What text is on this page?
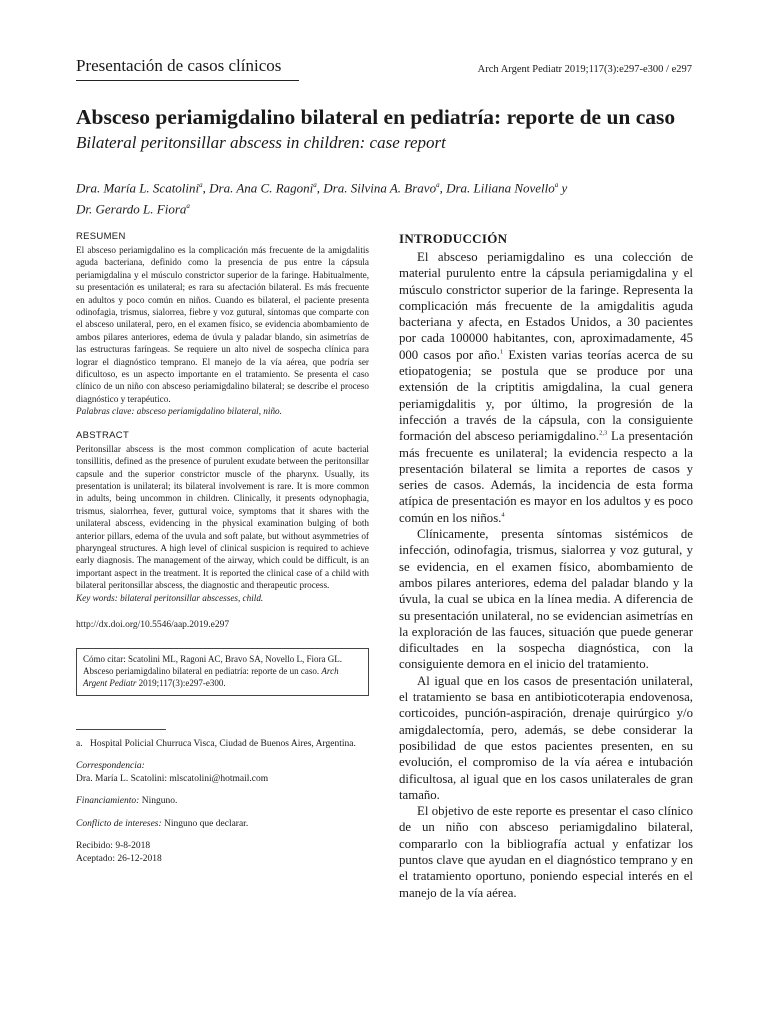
Presentación de casos clínicos	Arch Argent Pediatr 2019;117(3):e297-e300 / e297
Absceso periamigdalino bilateral en pediatría: reporte de un caso
Bilateral peritonsillar abscess in children: case report
Dra. María L. Scatolini$^a$, Dra. Ana C. Ragoni$^a$, Dra. Silvina A. Bravo$^a$, Dra. Liliana Novello$^a$ y
Dr. Gerardo L. Fiora$^a$

RESUMEN

El absceso periamigdalino es la complicación más frecuente de la amigdalitis aguda bacteriana, definido como la presencia de pus entre la cápsula periamigdalina y el músculo constrictor superior de la faringe. Habitualmente, su presentación es unilateral; es rara su afectación bilateral. Es más frecuente en adultos y poco común en niños. Cuando es bilateral, el paciente presenta odinofagia, trismus, sialorrea, fiebre y voz gutural, síntomas que comparte con el absceso unilateral, pero, en el examen físico, se evidencia abombamiento de ambos pilares anteriores, edema de úvula y paladar blando, sin asimetrías de las estructuras faríngeas. Se requiere un alto nivel de sospecha clínica para lograr el diagnóstico temprano. El manejo de la vía aérea, que podría ser dificultoso, es un aspecto importante en el tratamiento. Se presenta el caso clínico de un niño con absceso periamigdalino bilateral; se describe el proceso diagnóstico y terapéutico.

Palabras clave: absceso periamigdalino bilateral, niño.

ABSTRACT

Peritonsillar abscess is the most common complication of acute bacterial tonsillitis, defined as the presence of purulent exudate between the peritonsillar capsule and the superior constrictor muscle of the pharynx. Usually, its presentation is unilateral; its bilateral involvement is rare. It is more common in adults, being uncommon in children. Clinically, it presents odynophagia, trismus, sialorrhea, fever, guttural voice, symptoms that it shares with the unilateral abscess, evidencing in the physical examination bulging of both anterior pillars, edema of the uvula and soft palate, but without asymmetries of pharyngeal structures. A high level of clinical suspicion is required to achieve early diagnosis. The management of the airway, which could be difficult, is an important aspect in the treatment. It is reported the clinical case of a child with bilateral peritonsillar abscess, the diagnostic and therapeutic process.

Key words: bilateral peritonsillar abscesses, child.

http://dx.doi.org/10.5546/aap.2019.e297

Cómo citar: Scatolini ML, Ragoni AC, Bravo SA, Novello L, Fiora GL. Absceso periamigdalino bilateral en pediatría: reporte de un caso. Arch Argent Pediatr 2019;117(3):e297-e300.
a. Hospital Policial Churruca Visca, Ciudad de Buenos Aires, Argentina.

Correspondencia:

Dra. María L. Scatolini: mlscatolini@hotmail.com

Financiamiento: Ninguno.

Conflicto de intereses: Ninguno que declarar.

Recibido: 9-8-2018

Aceptado: 26-12-2018

INTRODUCCIÓN

El absceso periamigdalino es una colección de material purulento entre la cápsula periamigdalina y el músculo constrictor superior de la faringe. Representa la complicación más frecuente de la amigdalitis aguda bacteriana y afecta, en Estados Unidos, a 30 pacientes por cada 100000 habitantes, con, aproximadamente, 45 000 casos por año.$^1$ Existen varias teorías acerca de su etiopatogenia; se postula que se produce por una extensión de la criptitis amigdalina, la cual genera periamigdalitis y, por último, la progresión de la infección a través de la cápsula, con la consiguiente formación del absceso periamigdalino.$^{2,3}$ La presentación más frecuente es unilateral; la evidencia respecto a la presentación bilateral se limita a reportes de casos y series de casos. Además, la incidencia de esta forma atípica de presentación es mayor en los adultos y es poco común en los niños.$^4$

Clínicamente, presenta síntomas sistémicos de infección, odinofagia, trismus, sialorrea y voz gutural, y se evidencia, en el examen físico, abombamiento de ambos pilares anteriores, edema del paladar blando y la úvula, la cual se ubica en la línea media. A diferencia de su presentación unilateral, no se evidencian asimetrías en la exploración de las fauces, situación que puede generar dificultades en la sospecha diagnóstica, con la consiguiente demora en el inicio del tratamiento.

Al igual que en los casos de presentación unilateral, el tratamiento se basa en antibioticoterapia endovenosa, corticoides, punción-aspiración, drenaje quirúrgico y/o amigdalectomía, pero, además, se debe considerar la posibilidad de que estos pacientes presenten, en su evolución, el compromiso de la vía aérea e intubación dificultosa, al igual que en los casos unilaterales de gran tamaño.

El objetivo de este reporte es presentar el caso clínico de un niño con absceso periamigdalino bilateral, compararlo con la bibliografía actual y enfatizar los puntos clave que ayudan en el diagnóstico temprano y en el tratamiento oportuno, poniendo especial interés en el manejo de la vía aérea.
